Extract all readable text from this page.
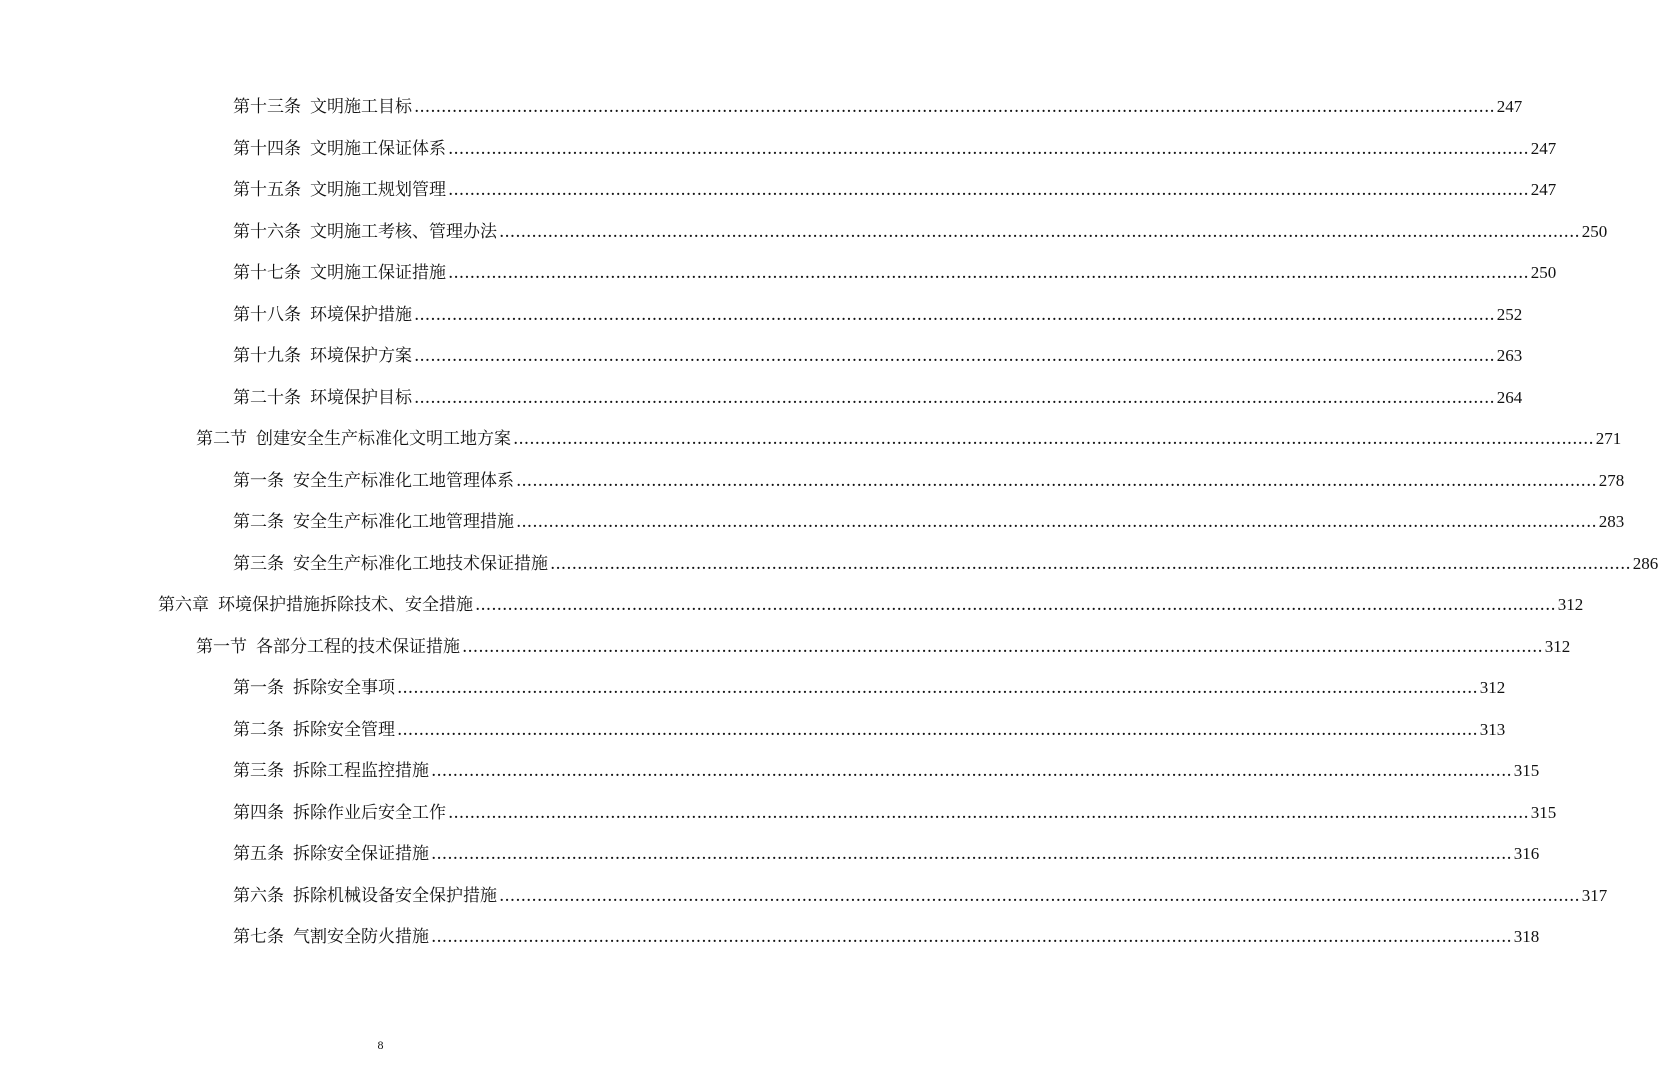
第十三条 文明施工目标 ........................................................................................................................................................................................................ 247
第十四条 文明施工保证体系 ........................................................................................................................................................................................................ 247
第十五条 文明施工规划管理 ........................................................................................................................................................................................................ 247
第十六条 文明施工考核、管理办法 ........................................................................................................................................................................................................ 250
第十七条 文明施工保证措施 ........................................................................................................................................................................................................ 250
第十八条 环境保护措施 ........................................................................................................................................................................................................ 252
第十九条 环境保护方案 ........................................................................................................................................................................................................ 263
第二十条 环境保护目标 ........................................................................................................................................................................................................ 264
第二节 创建安全生产标准化文明工地方案 ........................................................................................................................................................................................................ 271
第一条 安全生产标准化工地管理体系 ........................................................................................................................................................................................................ 278
第二条 安全生产标准化工地管理措施 ........................................................................................................................................................................................................ 283
第三条 安全生产标准化工地技术保证措施 ........................................................................................................................................................................................................ 286
第六章 环境保护措施拆除技术、安全措施 ........................................................................................................................................................................................................ 312
第一节 各部分工程的技术保证措施 ........................................................................................................................................................................................................ 312
第一条 拆除安全事项 ........................................................................................................................................................................................................ 312
第二条 拆除安全管理 ........................................................................................................................................................................................................ 313
第三条 拆除工程监控措施 ........................................................................................................................................................................................................ 315
第四条 拆除作业后安全工作 ........................................................................................................................................................................................................ 315
第五条 拆除安全保证措施 ........................................................................................................................................................................................................ 316
第六条 拆除机械设备安全保护措施 ........................................................................................................................................................................................................ 317
第七条 气割安全防火措施 ........................................................................................................................................................................................................ 318
8
